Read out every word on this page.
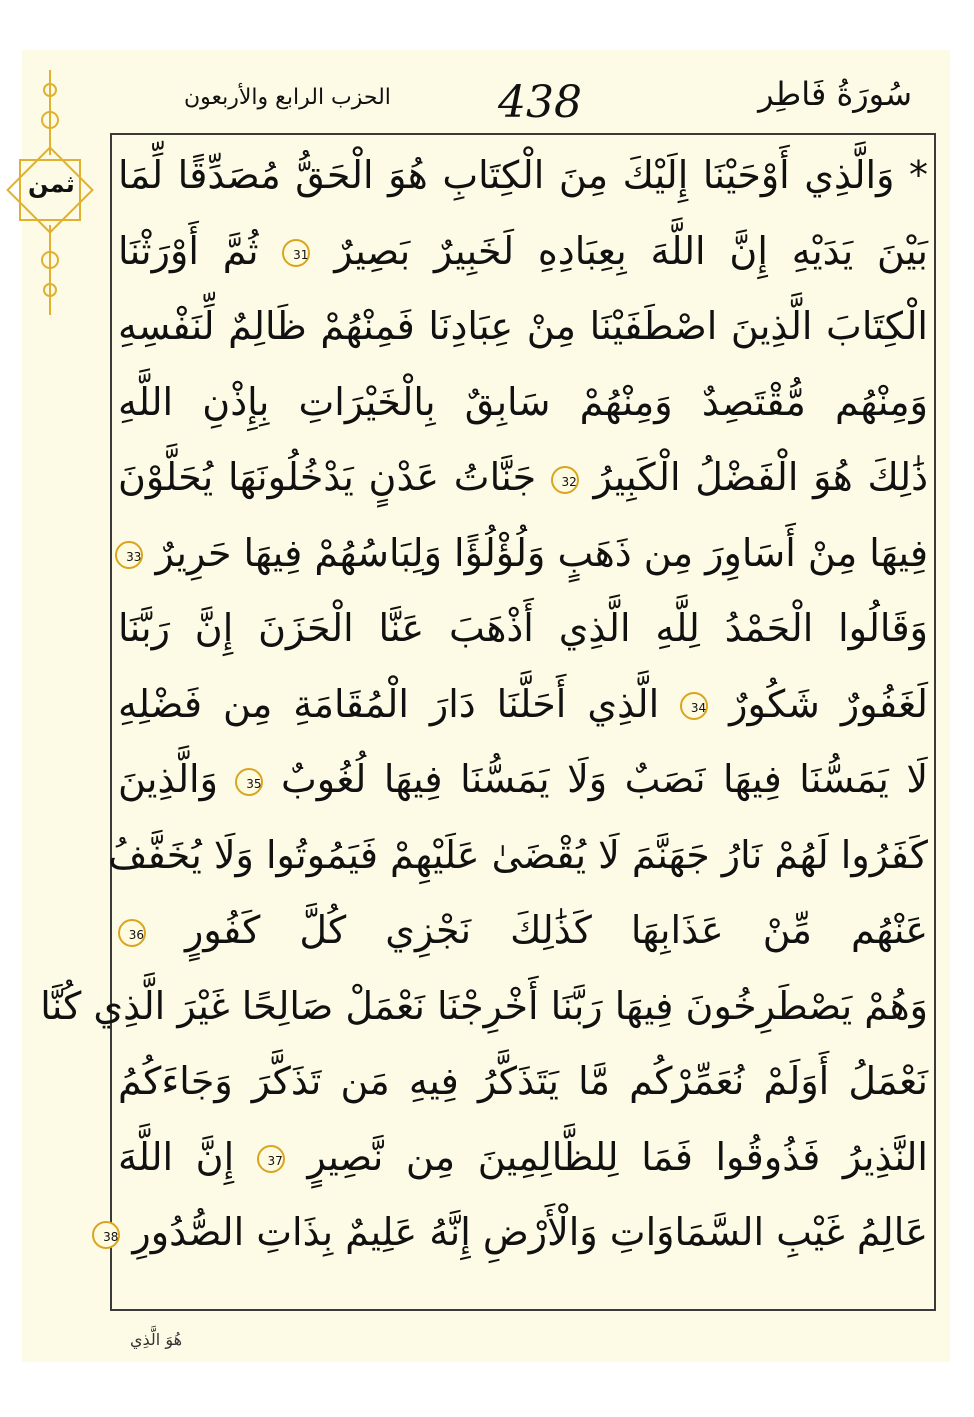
ثمن
سُورَةُ فَاطِر
438
الحزب الرابع والأربعون
* وَالَّذِي أَوْحَيْنَا إِلَيْكَ مِنَ الْكِتَابِ هُوَ الْحَقُّ مُصَدِّقًا لِّمَا
بَيْنَ يَدَيْهِ إِنَّ اللَّهَ بِعِبَادِهِ لَخَبِيرٌ بَصِيرٌ 31 ثُمَّ أَوْرَثْنَا
الْكِتَابَ الَّذِينَ اصْطَفَيْنَا مِنْ عِبَادِنَا فَمِنْهُمْ ظَالِمٌ لِّنَفْسِهِ
وَمِنْهُم مُّقْتَصِدٌ وَمِنْهُمْ سَابِقٌ بِالْخَيْرَاتِ بِإِذْنِ اللَّهِ
ذَٰلِكَ هُوَ الْفَضْلُ الْكَبِيرُ 32 جَنَّاتُ عَدْنٍ يَدْخُلُونَهَا يُحَلَّوْنَ
فِيهَا مِنْ أَسَاوِرَ مِن ذَهَبٍ وَلُؤْلُؤًا وَلِبَاسُهُمْ فِيهَا حَرِيرٌ 33
وَقَالُوا الْحَمْدُ لِلَّهِ الَّذِي أَذْهَبَ عَنَّا الْحَزَنَ إِنَّ رَبَّنَا
لَغَفُورٌ شَكُورٌ 34 الَّذِي أَحَلَّنَا دَارَ الْمُقَامَةِ مِن فَضْلِهِ
لَا يَمَسُّنَا فِيهَا نَصَبٌ وَلَا يَمَسُّنَا فِيهَا لُغُوبٌ 35 وَالَّذِينَ
كَفَرُوا لَهُمْ نَارُ جَهَنَّمَ لَا يُقْضَىٰ عَلَيْهِمْ فَيَمُوتُوا وَلَا يُخَفَّفُ
عَنْهُم مِّنْ عَذَابِهَا كَذَٰلِكَ نَجْزِي كُلَّ كَفُورٍ 36
وَهُمْ يَصْطَرِخُونَ فِيهَا رَبَّنَا أَخْرِجْنَا نَعْمَلْ صَالِحًا غَيْرَ الَّذِي كُنَّا
نَعْمَلُ أَوَلَمْ نُعَمِّرْكُم مَّا يَتَذَكَّرُ فِيهِ مَن تَذَكَّرَ وَجَاءَكُمُ
النَّذِيرُ فَذُوقُوا فَمَا لِلظَّالِمِينَ مِن نَّصِيرٍ 37 إِنَّ اللَّهَ
عَالِمُ غَيْبِ السَّمَاوَاتِ وَالْأَرْضِ إِنَّهُ عَلِيمٌ بِذَاتِ الصُّدُورِ 38
هُوَ الَّذِي
